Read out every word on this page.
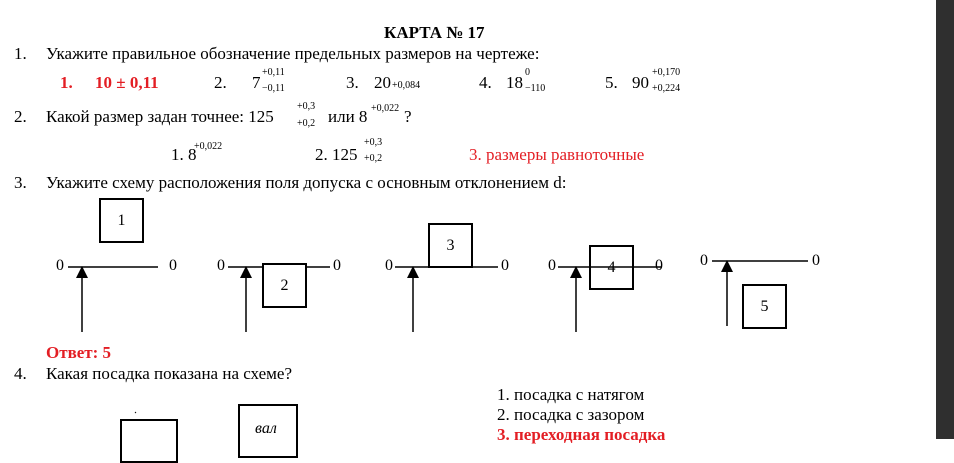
КАРТА № 17
1. Укажите правильное обозначение предельных размеров на чертеже:
1. 10 ± 0,11	2. 7
+0,11
−0,11	3. 20 +0,084	4. 18
0
−110	5. 90
+0,170
+0,224
2. Какой размер задан точнее: 125
+0,3
+0,2 или 8 +0,022 ?
1. 8
+0,022	2. 125
+0,3
+0,2	3. размеры равноточные
3. Укажите схему расположения поля допуска с основным отклонением d:
0	0	0	0	0	0 0	0 0	0
1
2
3
4
5
Ответ: 5
4. Какая посадка показана на схеме?
1. посадка с натягом
2. посадка с зазором
3. переходная посадка
вал
